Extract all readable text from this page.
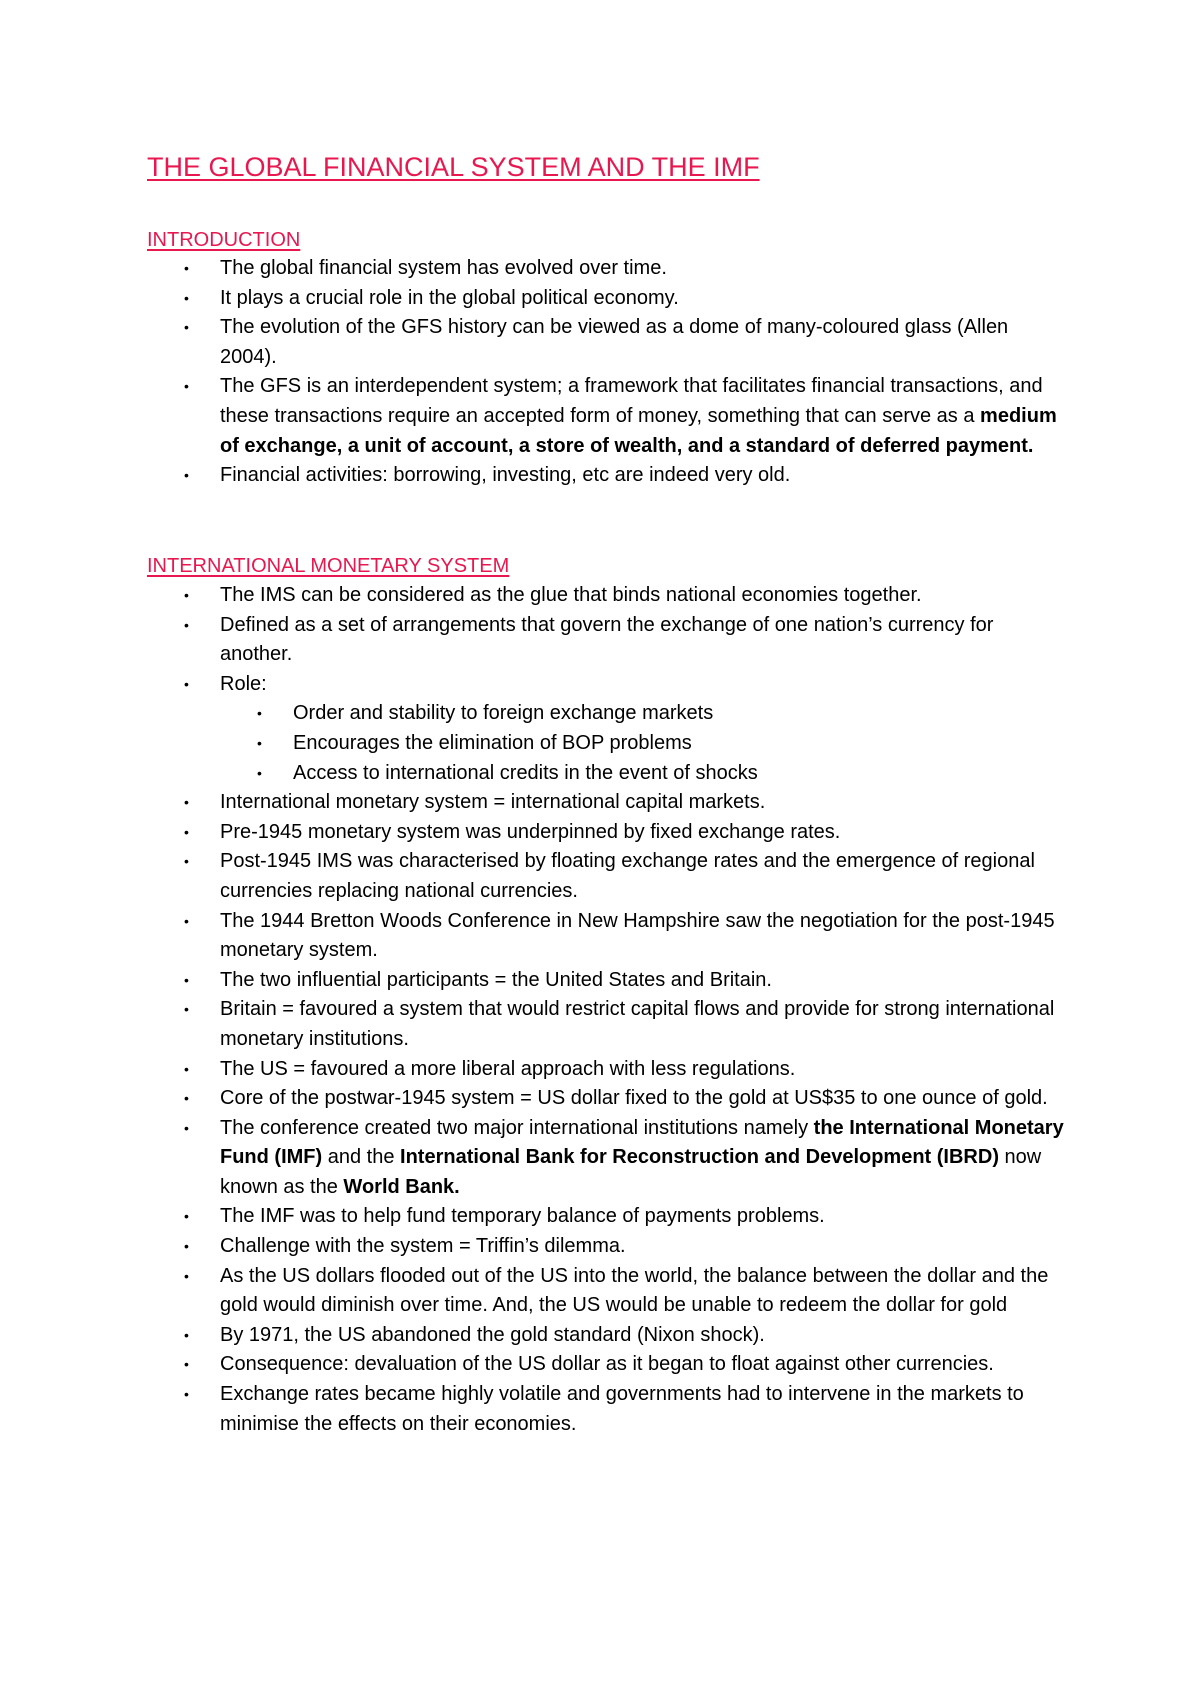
THE GLOBAL FINANCIAL SYSTEM AND THE IMF
INTRODUCTION
• The global financial system has evolved over time.
• It plays a crucial role in the global political economy.
• The evolution of the GFS history can be viewed as a dome of many-coloured glass (Allen 2004).
• The GFS is an interdependent system; a framework that facilitates financial transactions, and these transactions require an accepted form of money, something that can serve as a medium of exchange, a unit of account, a store of wealth, and a standard of deferred payment.
• Financial activities: borrowing, investing, etc are indeed very old.
INTERNATIONAL MONETARY SYSTEM
• The IMS can be considered as the glue that binds national economies together.
• Defined as a set of arrangements that govern the exchange of one nation’s currency for another.
• Role:
• Order and stability to foreign exchange markets
• Encourages the elimination of BOP problems
• Access to international credits in the event of shocks
• International monetary system = international capital markets.
• Pre-1945 monetary system was underpinned by fixed exchange rates.
• Post-1945 IMS was characterised by floating exchange rates and the emergence of regional currencies replacing national currencies.
• The 1944 Bretton Woods Conference in New Hampshire saw the negotiation for the post-1945 monetary system.
• The two influential participants = the United States and Britain.
• Britain = favoured a system that would restrict capital flows and provide for strong international monetary institutions.
• The US = favoured a more liberal approach with less regulations.
• Core of the postwar-1945 system = US dollar fixed to the gold at US$35 to one ounce of gold.
• The conference created two major international institutions namely the International Monetary Fund (IMF) and the International Bank for Reconstruction and Development (IBRD) now known as the World Bank.
• The IMF was to help fund temporary balance of payments problems.
• Challenge with the system = Triffin’s dilemma.
• As the US dollars flooded out of the US into the world, the balance between the dollar and the gold would diminish over time. And, the US would be unable to redeem the dollar for gold
• By 1971, the US abandoned the gold standard (Nixon shock).
• Consequence: devaluation of the US dollar as it began to float against other currencies.
• Exchange rates became highly volatile and governments had to intervene in the markets to minimise the effects on their economies.
